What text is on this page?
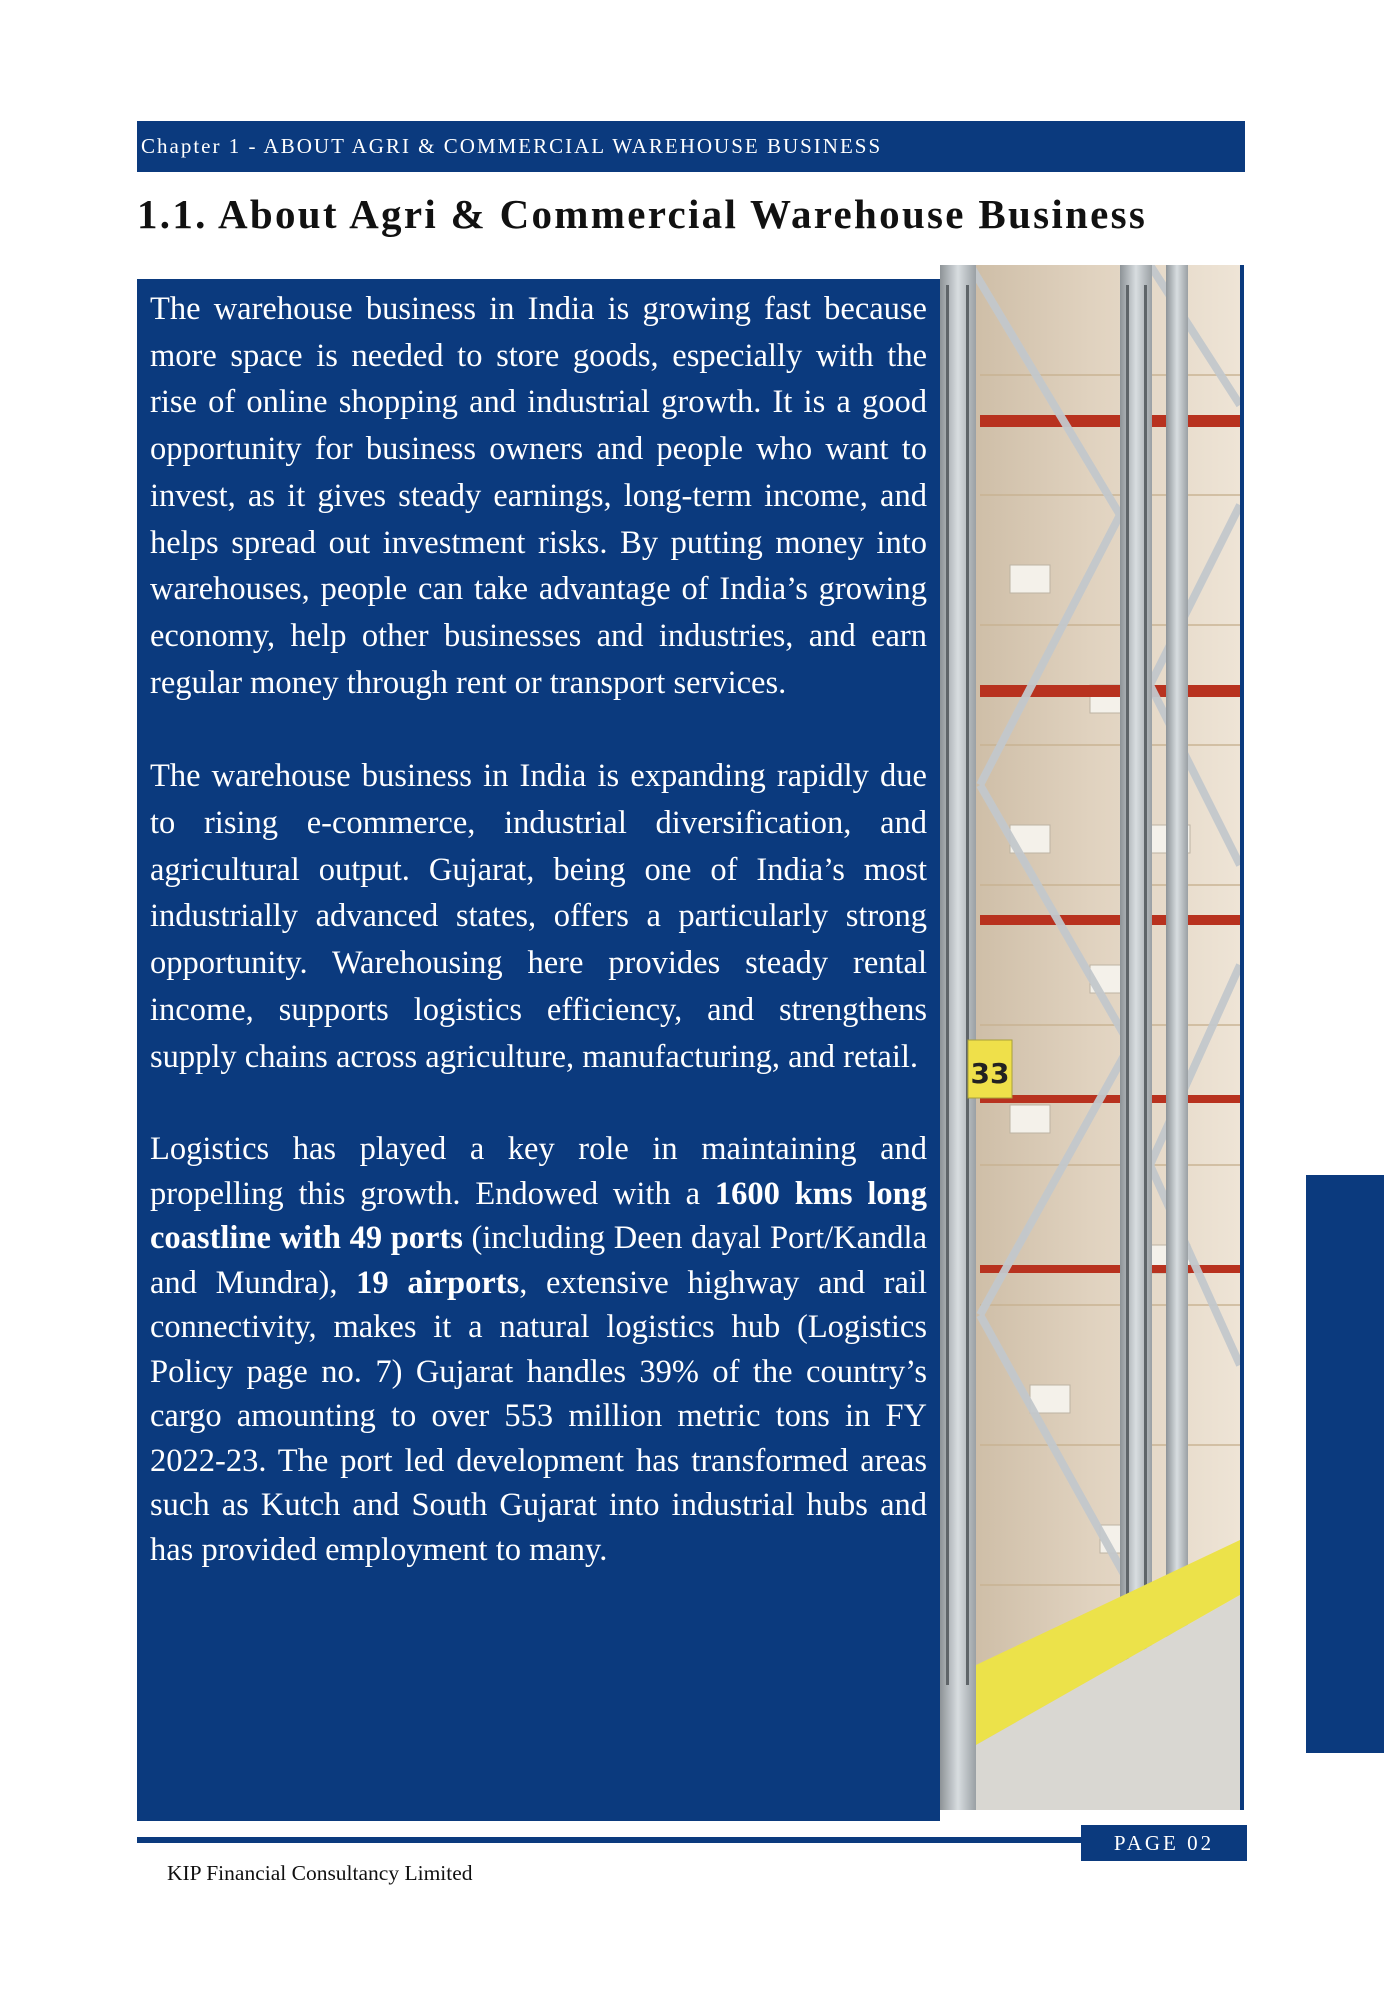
Chapter 1 - ABOUT AGRI & COMMERCIAL WAREHOUSE BUSINESS
1.1. About Agri & Commercial Warehouse Business

The warehouse business in India is growing fast because more space is needed to store goods, especially with the rise of online shopping and industrial growth. It is a good opportunity for business owners and people who want to invest, as it gives steady earnings, long-term income, and helps spread out investment risks. By putting money into warehouses, people can take advantage of India’s growing economy, help other businesses and industries, and earn regular money through rent or transport services.

The warehouse business in India is expanding rapidly due to rising e-commerce, industrial diversification, and agricultural output. Gujarat, being one of India’s most industrially advanced states, offers a particularly strong opportunity. Warehousing here provides steady rental income, supports logistics efficiency, and strengthens supply chains across agriculture, manufacturing, and retail.

Logistics has played a key role in maintaining and propelling this growth. Endowed with a 1600 kms long coastline with 49 ports (including Deen dayal Port/Kandla and Mundra), 19 airports, extensive highway and rail connectivity, makes it a natural logistics hub (Logistics Policy page no. 7) Gujarat handles 39% of the country’s cargo amounting to over 553 million metric tons in FY 2022-23. The port led development has transformed areas such as Kutch and South Gujarat into industrial hubs and has provided employment to many.

33
PAGE 02
KIP Financial Consultancy Limited
